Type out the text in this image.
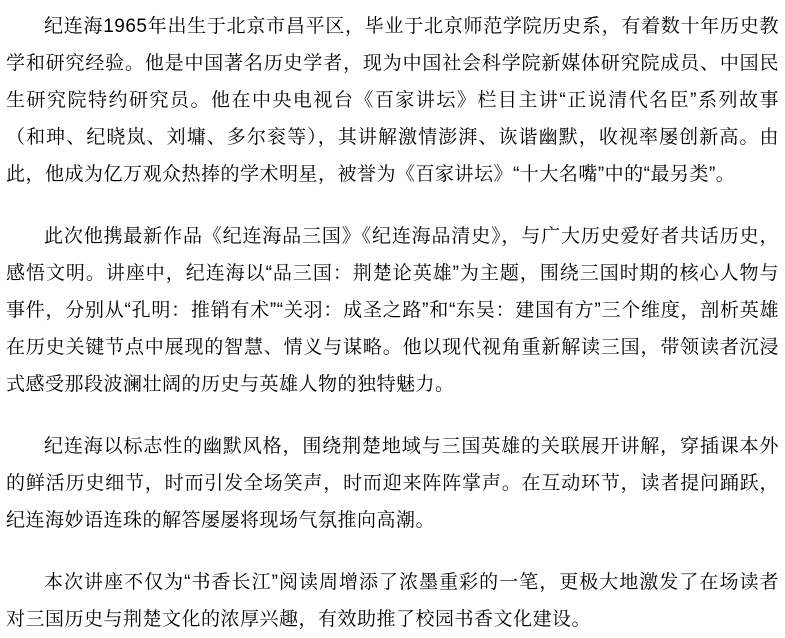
纪连海1965年出生于北京市昌平区，毕业于北京师范学院历史系，有着数十年历史教学和研究经验。他是中国著名历史学者，现为中国社会科学院新媒体研究院成员、中国民生研究院特约研究员。他在中央电视台《百家讲坛》栏目主讲“正说清代名臣”系列故事（和珅、纪晓岚、刘墉、多尔衮等），其讲解激情澎湃、诙谐幽默，收视率屡创新高。由此，他成为亿万观众热捧的学术明星，被誉为《百家讲坛》“十大名嘴”中的“最另类”。

此次他携最新作品《纪连海品三国》《纪连海品清史》，与广大历史爱好者共话历史，感悟文明。讲座中，纪连海以“品三国：荆楚论英雄”为主题，围绕三国时期的核心人物与事件，分别从“孔明：推销有术”“关羽：成圣之路”和“东吴：建国有方”三个维度，剖析英雄在历史关键节点中展现的智慧、情义与谋略。他以现代视角重新解读三国，带领读者沉浸式感受那段波澜壮阔的历史与英雄人物的独特魅力。

纪连海以标志性的幽默风格，围绕荆楚地域与三国英雄的关联展开讲解，穿插课本外的鲜活历史细节，时而引发全场笑声，时而迎来阵阵掌声。在互动环节，读者提问踊跃，纪连海妙语连珠的解答屡屡将现场气氛推向高潮。

本次讲座不仅为“书香长江”阅读周增添了浓墨重彩的一笔，更极大地激发了在场读者对三国历史与荆楚文化的浓厚兴趣，有效助推了校园书香文化建设。
